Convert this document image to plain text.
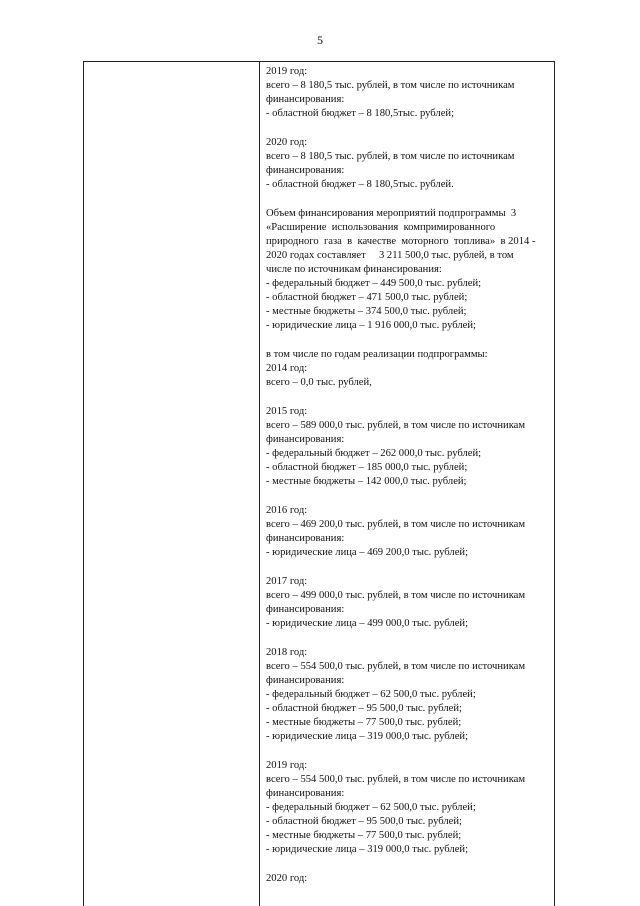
5

2019 год:

всего – 8 180,5 тыс. рублей, в том числе по источникам

финансирования:

- областной бюджет – 8 180,5тыс. рублей;

2020 год:

всего – 8 180,5 тыс. рублей, в том числе по источникам

финансирования:

- областной бюджет – 8 180,5тыс. рублей.

Объем финансирования мероприятий подпрограммы  3

«Расширение  использования  компримированного

природного  газа  в  качестве  моторного  топлива»  в 2014 -

2020 годах составляет     3 211 500,0 тыс. рублей, в том

числе по источникам финансирования:

- федеральный бюджет – 449 500,0 тыс. рублей;

- областной бюджет – 471 500,0 тыс. рублей;

- местные бюджеты – 374 500,0 тыс. рублей;

- юридические лица – 1 916 000,0 тыс. рублей;

в том числе по годам реализации подпрограммы:

2014 год:

всего – 0,0 тыс. рублей,

2015 год:

всего – 589 000,0 тыс. рублей, в том числе по источникам

финансирования:

- федеральный бюджет – 262 000,0 тыс. рублей;

- областной бюджет – 185 000,0 тыс. рублей;

- местные бюджеты – 142 000,0 тыс. рублей;

2016 год:

всего – 469 200,0 тыс. рублей, в том числе по источникам

финансирования:

- юридические лица – 469 200,0 тыс. рублей;

2017 год:

всего – 499 000,0 тыс. рублей, в том числе по источникам

финансирования:

- юридические лица – 499 000,0 тыс. рублей;

2018 год:

всего – 554 500,0 тыс. рублей, в том числе по источникам

финансирования:

- федеральный бюджет – 62 500,0 тыс. рублей;

- областной бюджет – 95 500,0 тыс. рублей;

- местные бюджеты – 77 500,0 тыс. рублей;

- юридические лица – 319 000,0 тыс. рублей;

2019 год:

всего – 554 500,0 тыс. рублей, в том числе по источникам

финансирования:

- федеральный бюджет – 62 500,0 тыс. рублей;

- областной бюджет – 95 500,0 тыс. рублей;

- местные бюджеты – 77 500,0 тыс. рублей;

- юридические лица – 319 000,0 тыс. рублей;

2020 год:
